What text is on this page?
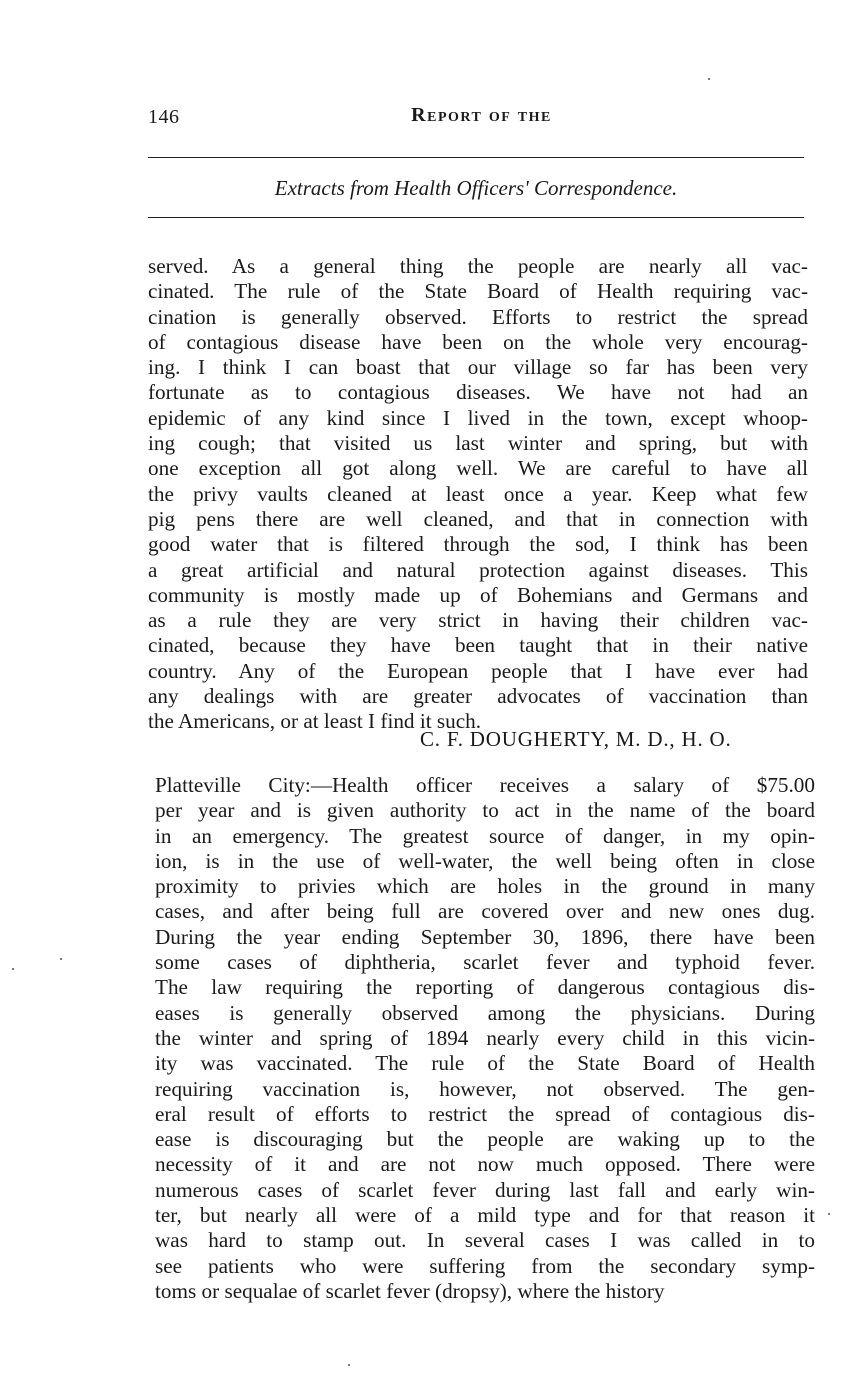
146	Report of the
Extracts from Health Officers' Correspondence.
served. As a general thing the people are nearly all vac-
cinated. The rule of the State Board of Health requiring vac-
cination is generally observed. Efforts to restrict the spread
of contagious disease have been on the whole very encourag-
ing. I think I can boast that our village so far has been very
fortunate as to contagious diseases. We have not had an
epidemic of any kind since I lived in the town, except whoop-
ing cough; that visited us last winter and spring, but with
one exception all got along well. We are careful to have all
the privy vaults cleaned at least once a year. Keep what few
pig pens there are well cleaned, and that in connection with
good water that is filtered through the sod, I think has been
a great artificial and natural protection against diseases. This
community is mostly made up of Bohemians and Germans and
as a rule they are very strict in having their children vac-
cinated, because they have been taught that in their native
country. Any of the European people that I have ever had
any dealings with are greater advocates of vaccination than
the Americans, or at least I find it such.
C. F. DOUGHERTY, M. D., H. O.
Platteville City:—Health officer receives a salary of $75.00
per year and is given authority to act in the name of the board
in an emergency. The greatest source of danger, in my opin-
ion, is in the use of well-water, the well being often in close
proximity to privies which are holes in the ground in many
cases, and after being full are covered over and new ones dug.
During the year ending September 30, 1896, there have been
some cases of diphtheria, scarlet fever and typhoid fever.
The law requiring the reporting of dangerous contagious dis-
eases is generally observed among the physicians. During
the winter and spring of 1894 nearly every child in this vicin-
ity was vaccinated. The rule of the State Board of Health
requiring vaccination is, however, not observed. The gen-
eral result of efforts to restrict the spread of contagious dis-
ease is discouraging but the people are waking up to the
necessity of it and are not now much opposed. There were
numerous cases of scarlet fever during last fall and early win-
ter, but nearly all were of a mild type and for that reason it
was hard to stamp out. In several cases I was called in to
see patients who were suffering from the secondary symp-
toms or sequalae of scarlet fever (dropsy), where the history
